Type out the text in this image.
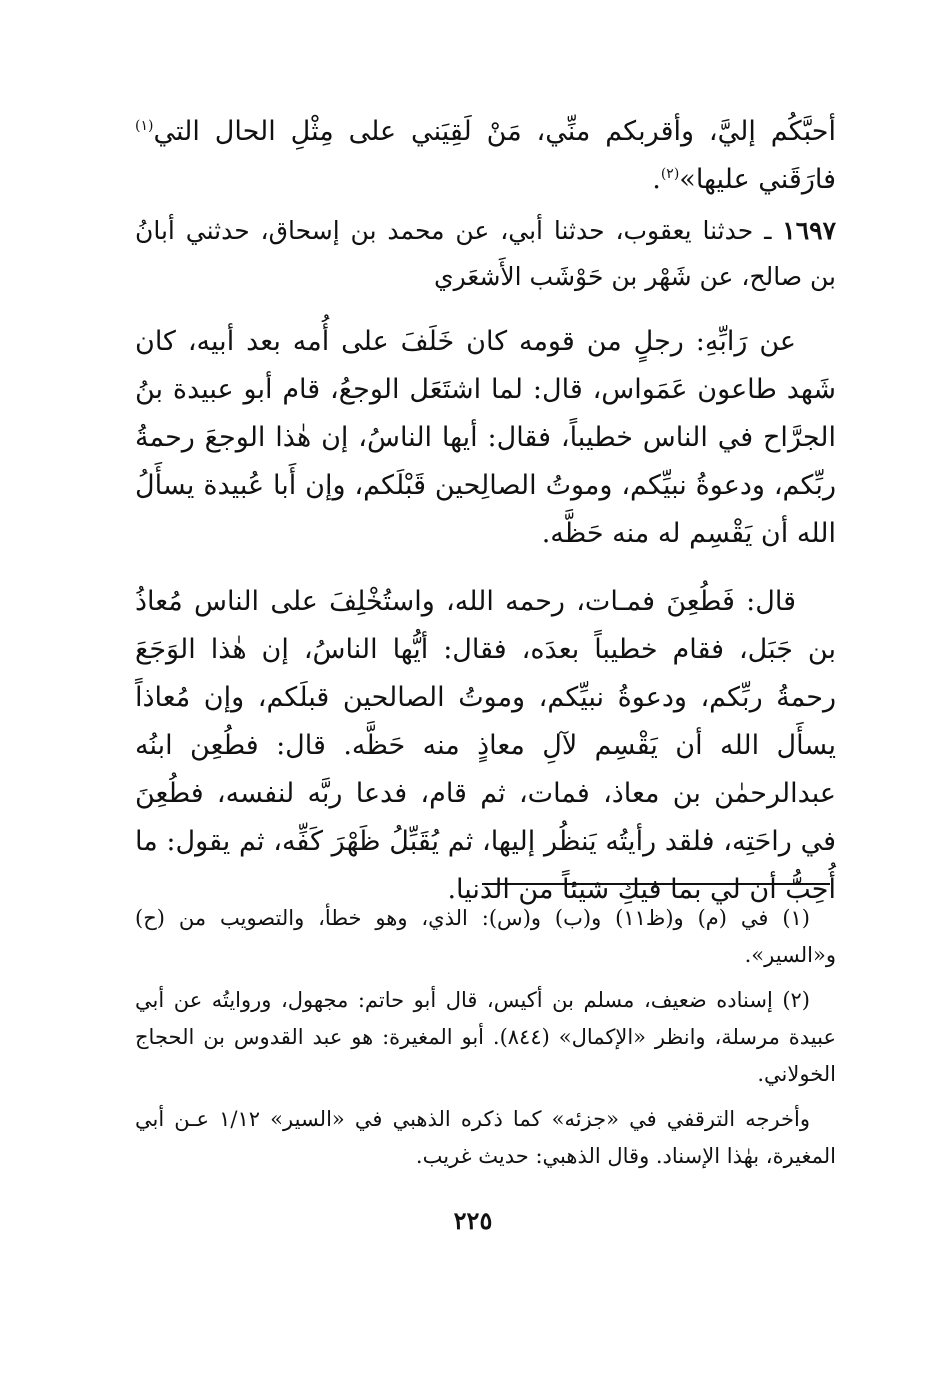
أحبَّكُم إليَّ، وأقربكم منِّي، مَنْ لَقِيَني على مِثْلِ الحال التي$^{(١)}$ فارَقَني عليها»$^{(٢)}$.

١٦٩٧ ـ حدثنا يعقوب، حدثنا أبي، عن محمد بن إسحاق، حدثني أبانُ بن صالح، عن شَهْر بن حَوْشَب الأَشعَري

عن رَابِّهِ: رجلٍ من قومه كان خَلَفَ على أُمه بعد أبيه، كان شَهد طاعون عَمَواس، قال: لما اشتَعَل الوجعُ، قام أبو عبيدة بنُ الجرَّاح في الناس خطيباً، فقال: أيها الناسُ، إن هٰذا الوجعَ رحمةُ ربِّكم، ودعوةُ نبيِّكم، وموتُ الصالِحين قَبْلَكم، وإن أَبا عُبيدة يسأَلُ الله أن يَقْسِم له منه حَظَّه.

قال: فَطُعِنَ فمـات، رحمه الله، واستُخْلِفَ على الناس مُعاذُ بن جَبَل، فقام خطيباً بعدَه، فقال: أيُّها الناسُ، إن هٰذا الوَجَعَ رحمةُ ربِّكم، ودعوةُ نبيِّكم، وموتُ الصالحين قبلَكم، وإن مُعاذاً يسأَل الله أن يَقْسِم لآلِ معاذٍ منه حَظَّه. قال: فطُعِن ابنُه عبدالرحمٰن بن معاذ، فمات، ثم قام، فدعا ربَّه لنفسه، فطُعِنَ في راحَتِه، فلقد رأيتُه يَنظُر إليها، ثم يُقَبِّلُ ظَهْرَ كَفِّه، ثم يقول: ما أُحِبُّ أن لي بما فيكِ شيئاً من الدنيا.

(١) في (م) و(ظ١١) و(ب) و(س): الذي، وهو خطأ، والتصويب من (ح) و«السير».

(٢) إسناده ضعيف، مسلم بن أكيس، قال أبو حاتم: مجهول، وروايتُه عن أبي عبيدة مرسلة، وانظر «الإكمال» (٨٤٤). أبو المغيرة: هو عبد القدوس بن الحجاج الخولاني.

وأخرجه الترقفي في «جزئه» كما ذكره الذهبي في «السير» ١/١٢ عـن أبي المغيرة، بهٰذا الإسناد. وقال الذهبي: حديث غريب.

٢٢٥
